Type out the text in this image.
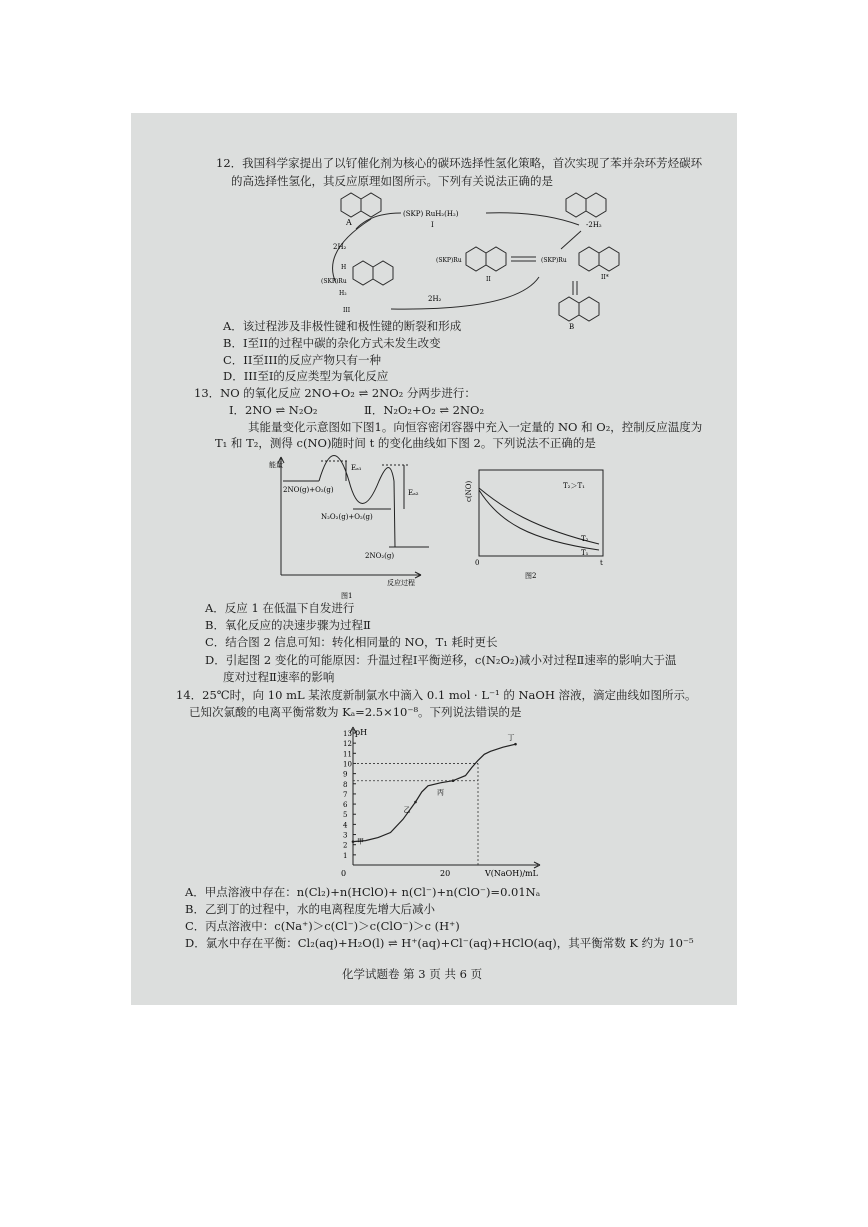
12．我国科学家提出了以钌催化剂为核心的碳环选择性氢化策略，首次实现了苯并杂环芳烃碳环
的高选择性氢化，其反应原理如图所示。下列有关说法正确的是
A
(SKP) RuH₂(H₂)
I	-2H₂
2H₂
2H₂
(SKP)Ru
II
(SKP)Ru
II*
(SKP)Ru
H
H₂
III
B
A．该过程涉及非极性键和极性键的断裂和形成
B．I至II的过程中碳的杂化方式未发生改变
C．II至III的反应产物只有一种
D．III至I的反应类型为氧化反应
13．NO 的氧化反应 2NO+O₂ ⇌ 2NO₂ 分两步进行：
Ⅰ．2NO ⇌ N₂O₂	Ⅱ．N₂O₂+O₂ ⇌ 2NO₂
其能量变化示意图如下图1。向恒容密闭容器中充入一定量的 NO 和 O₂，控制反应温度为
T₁ 和 T₂，测得 c(NO)随时间 t 的变化曲线如下图 2。下列说法不正确的是
能量	Eₐ₁
Eₐ₂
2NO(g)+O₂(g)
N₂O₂(g)+O₂(g)
2NO₂(g)
反应过程
图1
c(NO)	T₂＞T₁
T₂
T₁
0	t
图2
A．反应 1 在低温下自发进行
B．氧化反应的决速步骤为过程Ⅱ
C．结合图 2 信息可知：转化相同量的 NO，T₁ 耗时更长
D．引起图 2 变化的可能原因：升温过程Ⅰ平衡逆移，c(N₂O₂)减小对过程Ⅱ速率的影响大于温
度对过程Ⅱ速率的影响
14．25℃时，向 10 mL 某浓度新制氯水中滴入 0.1 mol · L⁻¹ 的 NaOH 溶液，滴定曲线如图所示。
已知次氯酸的电离平衡常数为 Kₐ=2.5×10⁻⁸。下列说法错误的是
1
2
3
4
5
6
7
8
9
10
11
12
13
甲
乙
丙
丁
pH
V(NaOH)/mL
0	20
A．甲点溶液中存在：n(Cl₂)+n(HClO)+ n(Cl⁻)+n(ClO⁻)=0.01Nₐ
B．乙到丁的过程中，水的电离程度先增大后减小
C．丙点溶液中：c(Na⁺)＞c(Cl⁻)＞c(ClO⁻)＞c (H⁺)
D．氯水中存在平衡：Cl₂(aq)+H₂O(l) ⇌ H⁺(aq)+Cl⁻(aq)+HClO(aq)，其平衡常数 K 约为 10⁻⁵
化学试题卷 第 3 页 共 6 页
